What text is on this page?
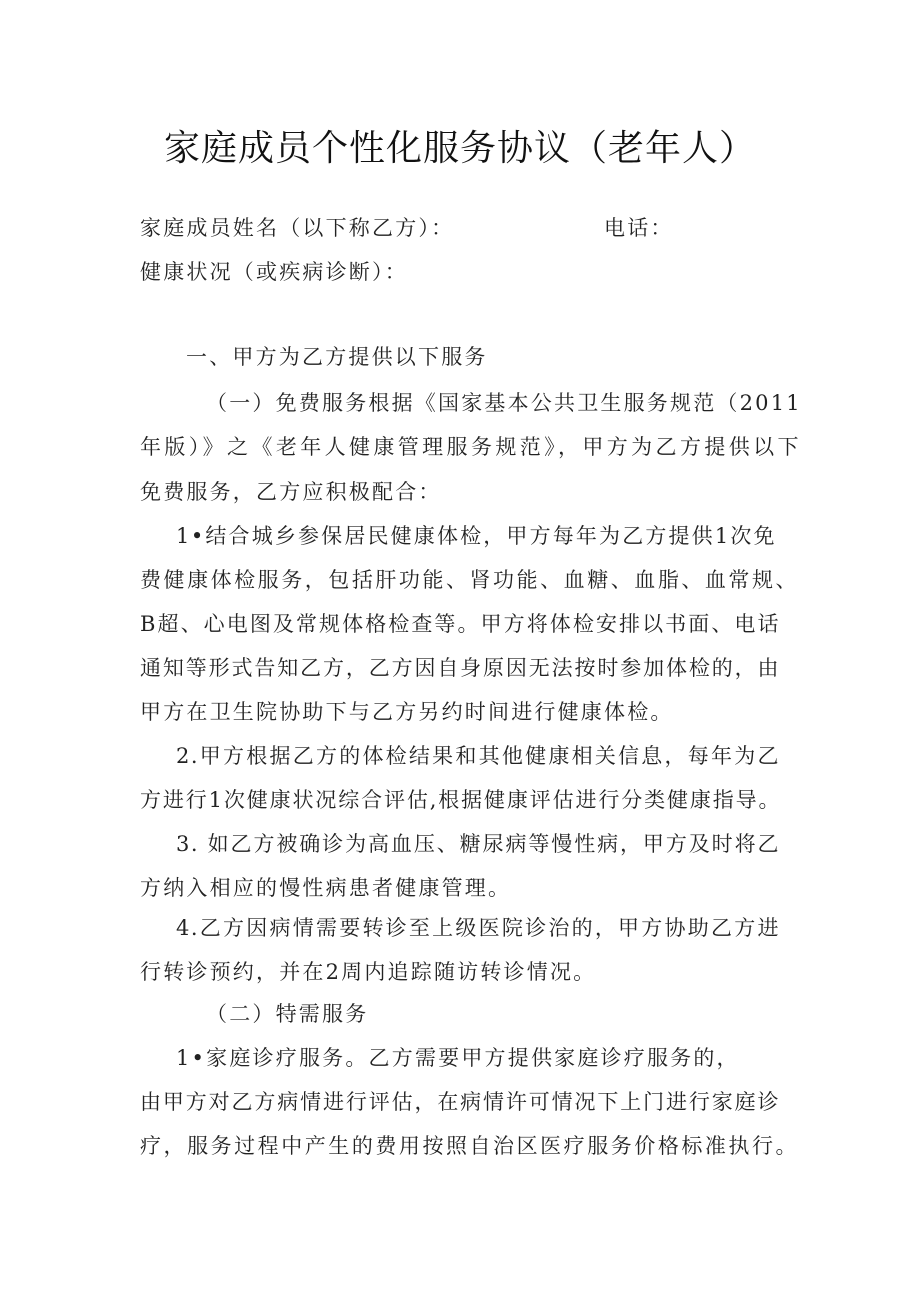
家庭成员个性化服务协议（老年人）
家庭成员姓名（以下称乙方）：	电话：
健康状况（或疾病诊断）：
一、甲方为乙方提供以下服务
（一）免费服务根据《国家基本公共卫生服务规范（2011
年版）》之《老年人健康管理服务规范》，甲方为乙方提供以下
免费服务，乙方应积极配合：
1•结合城乡参保居民健康体检，甲方每年为乙方提供1次免
费健康体检服务，包括肝功能、肾功能、血糖、血脂、血常规、
B超、心电图及常规体格检查等。甲方将体检安排以书面、电话
通知等形式告知乙方，乙方因自身原因无法按时参加体检的，由
甲方在卫生院协助下与乙方另约时间进行健康体检。
2.甲方根据乙方的体检结果和其他健康相关信息，每年为乙
方进行1次健康状况综合评估,根据健康评估进行分类健康指导。
3. 如乙方被确诊为高血压、糖尿病等慢性病，甲方及时将乙
方纳入相应的慢性病患者健康管理。
4.乙方因病情需要转诊至上级医院诊治的，甲方协助乙方进
行转诊预约，并在2周内追踪随访转诊情况。
（二）特需服务
1•家庭诊疗服务。乙方需要甲方提供家庭诊疗服务的，
由甲方对乙方病情进行评估，在病情许可情况下上门进行家庭诊
疗，服务过程中产生的费用按照自治区医疗服务价格标准执行。
